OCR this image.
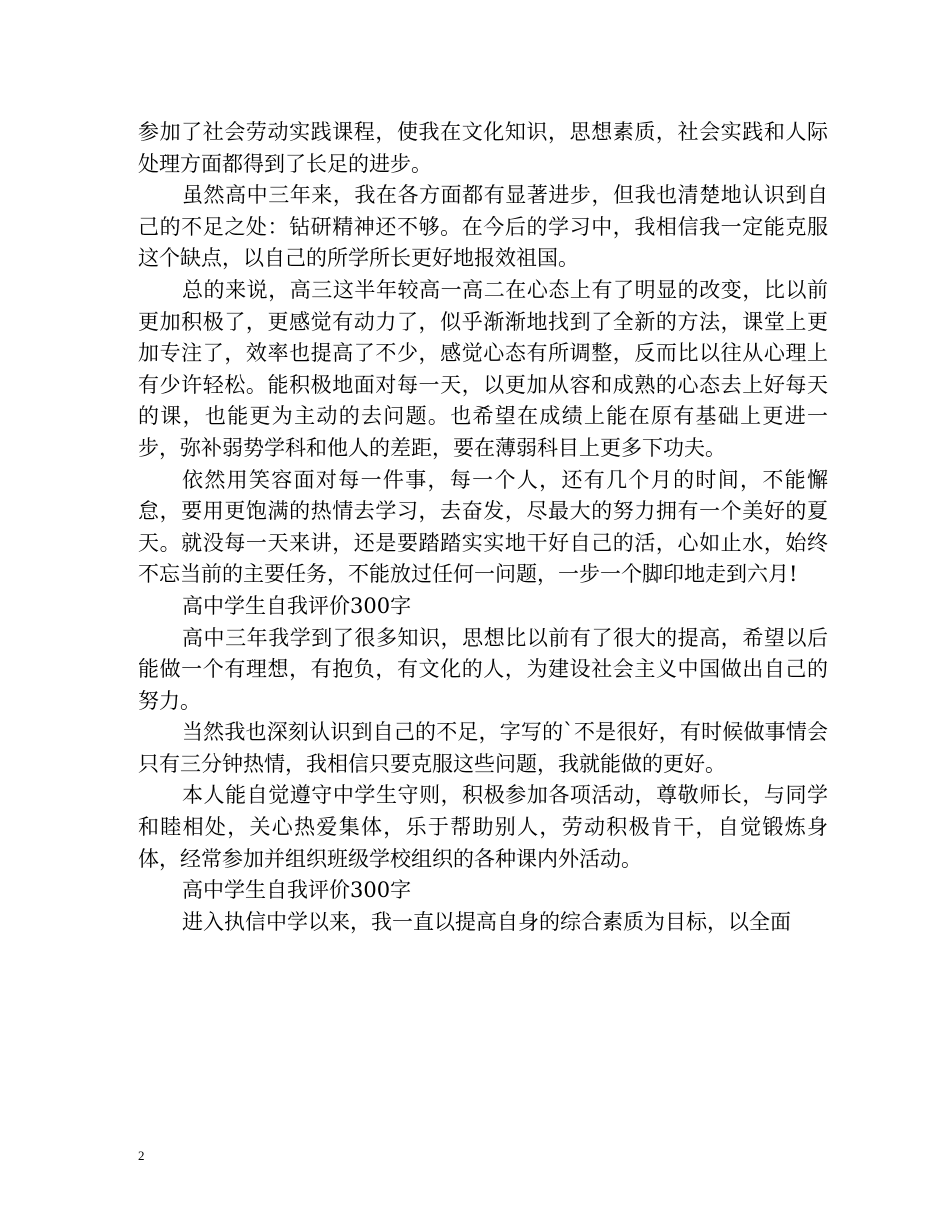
参加了社会劳动实践课程，使我在文化知识，思想素质，社会实践和人际处理方面都得到了长足的进步。

虽然高中三年来，我在各方面都有显著进步，但我也清楚地认识到自己的不足之处：钻研精神还不够。在今后的学习中，我相信我一定能克服这个缺点，以自己的所学所长更好地报效祖国。

总的来说，高三这半年较高一高二在心态上有了明显的改变，比以前更加积极了，更感觉有动力了，似乎渐渐地找到了全新的方法，课堂上更加专注了，效率也提高了不少，感觉心态有所调整，反而比以往从心理上有少许轻松。能积极地面对每一天，以更加从容和成熟的心态去上好每天的课，也能更为主动的去问题。也希望在成绩上能在原有基础上更进一步，弥补弱势学科和他人的差距，要在薄弱科目上更多下功夫。

依然用笑容面对每一件事，每一个人，还有几个月的时间，不能懈怠，要用更饱满的热情去学习，去奋发，尽最大的努力拥有一个美好的夏天。就没每一天来讲，还是要踏踏实实地干好自己的活，心如止水，始终不忘当前的主要任务，不能放过任何一问题，一步一个脚印地走到六月!

高中学生自我评价300字

高中三年我学到了很多知识，思想比以前有了很大的提高，希望以后能做一个有理想，有抱负，有文化的人，为建设社会主义中国做出自己的努力。

当然我也深刻认识到自己的不足，字写的`不是很好，有时候做事情会只有三分钟热情，我相信只要克服这些问题，我就能做的更好。

本人能自觉遵守中学生守则，积极参加各项活动，尊敬师长，与同学和睦相处，关心热爱集体，乐于帮助别人，劳动积极肯干，自觉锻炼身体，经常参加并组织班级学校组织的各种课内外活动。

高中学生自我评价300字

进入执信中学以来，我一直以提高自身的综合素质为目标，以全面

2
